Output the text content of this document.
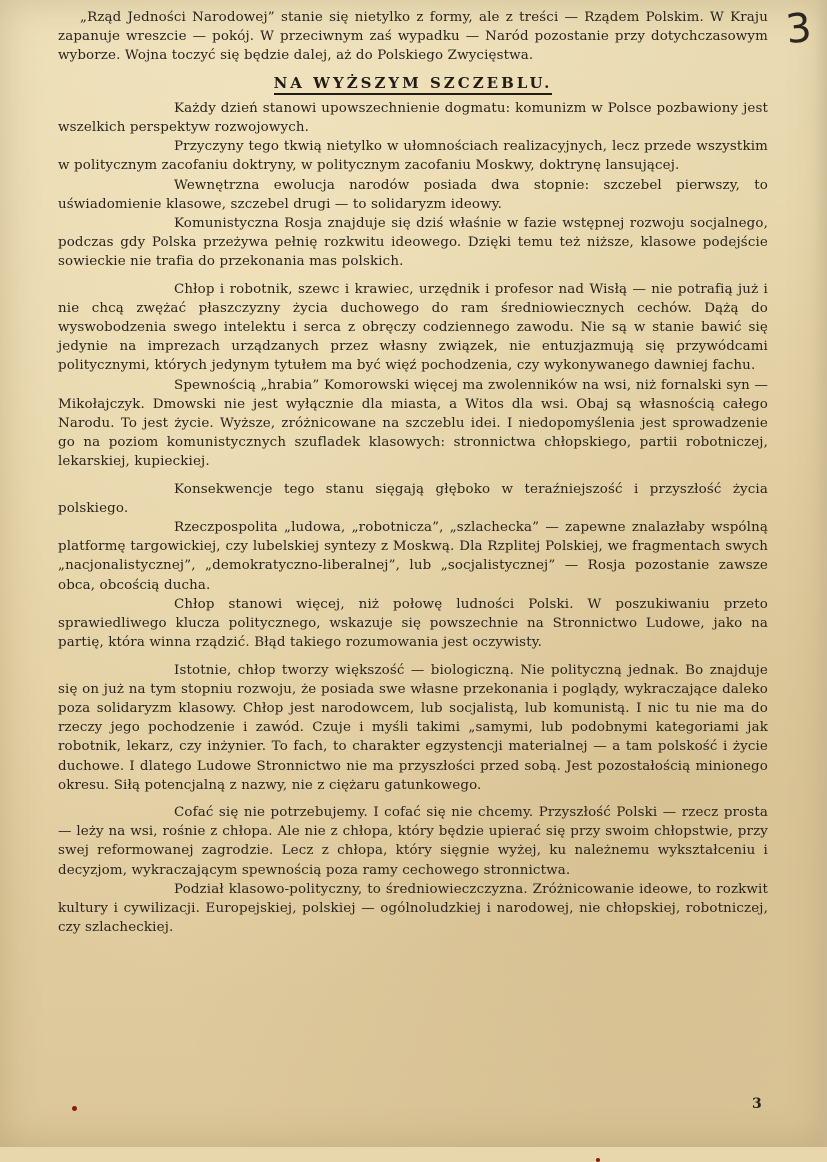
3

„Rząd Jedności Narodowej” stanie się nietylko z formy, ale z treści — Rządem Polskim. W Kraju zapanuje wreszcie — pokój. W przeciwnym zaś wypadku — Naród pozostanie przy dotychczasowym wyborze. Wojna toczyć się będzie dalej, aż do Polskiego Zwycięstwa.

NA WYŻSZYM SZCZEBLU.

Każdy dzień stanowi upowszechnienie dogmatu: komunizm w Polsce pozbawiony jest wszelkich perspektyw rozwojowych.

Przyczyny tego tkwią nietylko w ułomnościach realizacyjnych, lecz przede wszystkim w politycznym zacofaniu doktryny, w politycznym zacofaniu Moskwy, doktrynę lansującej.

Wewnętrzna ewolucja narodów posiada dwa stopnie: szczebel pierwszy, to uświadomienie klasowe, szczebel drugi — to solidaryzm ideowy.

Komunistyczna Rosja znajduje się dziś właśnie w fazie wstępnej rozwoju socjalnego, podczas gdy Polska przeżywa pełnię rozkwitu ideowego. Dzięki temu też niższe, klasowe podejście sowieckie nie trafia do przekonania mas polskich.

Chłop i robotnik, szewc i krawiec, urzędnik i profesor nad Wisłą — nie potrafią już i nie chcą zwężać płaszczyzny życia duchowego do ram średniowiecznych cechów. Dążą do wyswobodzenia swego intelektu i serca z obręczy codziennego zawodu. Nie są w stanie bawić się jedynie na imprezach urządzanych przez własny związek, nie entuzjazmują się przywódcami politycznymi, których jedynym tytułem ma być więź pochodzenia, czy wykonywanego dawniej fachu.

Spewnością „hrabia” Komorowski więcej ma zwolenników na wsi, niż fornalski syn — Mikołajczyk. Dmowski nie jest wyłącznie dla miasta, a Witos dla wsi. Obaj są własnością całego Narodu. To jest życie. Wyższe, zróżnicowane na szczeblu idei. I niedopomyślenia jest sprowadzenie go na poziom komunistycznych szufladek klasowych: stronnictwa chłopskiego, partii robotniczej, lekarskiej, kupieckiej.

Konsekwencje tego stanu sięgają głęboko w teraźniejszość i przyszłość życia polskiego.

Rzeczpospolita „ludowa, „robotnicza”, „szlachecka” — zapewne znalazłaby wspólną platformę targowickiej, czy lubelskiej syntezy z Moskwą. Dla Rzplitej Polskiej, we fragmentach swych „nacjonalistycznej”, „demokratyczno-liberalnej”, lub „socjalistycznej” — Rosja pozostanie zawsze obca, obcością ducha.

Chłop stanowi więcej, niż połowę ludności Polski. W poszukiwaniu przeto sprawiedliwego klucza politycznego, wskazuje się powszechnie na Stronnictwo Ludowe, jako na partię, która winna rządzić. Błąd takiego rozumowania jest oczywisty.

Istotnie, chłop tworzy większość — biologiczną. Nie polityczną jednak. Bo znajduje się on już na tym stopniu rozwoju, że posiada swe własne przekonania i poglądy, wykraczające daleko poza solidaryzm klasowy. Chłop jest narodowcem, lub socjalistą, lub komunistą. I nic tu nie ma do rzeczy jego pochodzenie i zawód. Czuje i myśli takimi „samymi, lub podobnymi kategoriami jak robotnik, lekarz, czy inżynier. To fach, to charakter egzystencji materialnej — a tam polskość i życie duchowe. I dlatego Ludowe Stronnictwo nie ma przyszłości przed sobą. Jest pozostałością minionego okresu. Siłą potencjalną z nazwy, nie z ciężaru gatunkowego.

Cofać się nie potrzebujemy. I cofać się nie chcemy. Przyszłość Polski — rzecz prosta — leży na wsi, rośnie z chłopa. Ale nie z chłopa, który będzie upierać się przy swoim chłopstwie, przy swej reformowanej zagrodzie. Lecz z chłopa, który sięgnie wyżej, ku należnemu wykształceniu i decyzjom, wykraczającym spewnością poza ramy cechowego stronnictwa.

Podział klasowo-polityczny, to średniowieczczyzna. Zróżnicowanie ideowe, to rozkwit kultury i cywilizacji. Europejskiej, polskiej — ogólnoludzkiej i narodowej, nie chłopskiej, robotniczej, czy szlacheckiej.

3
